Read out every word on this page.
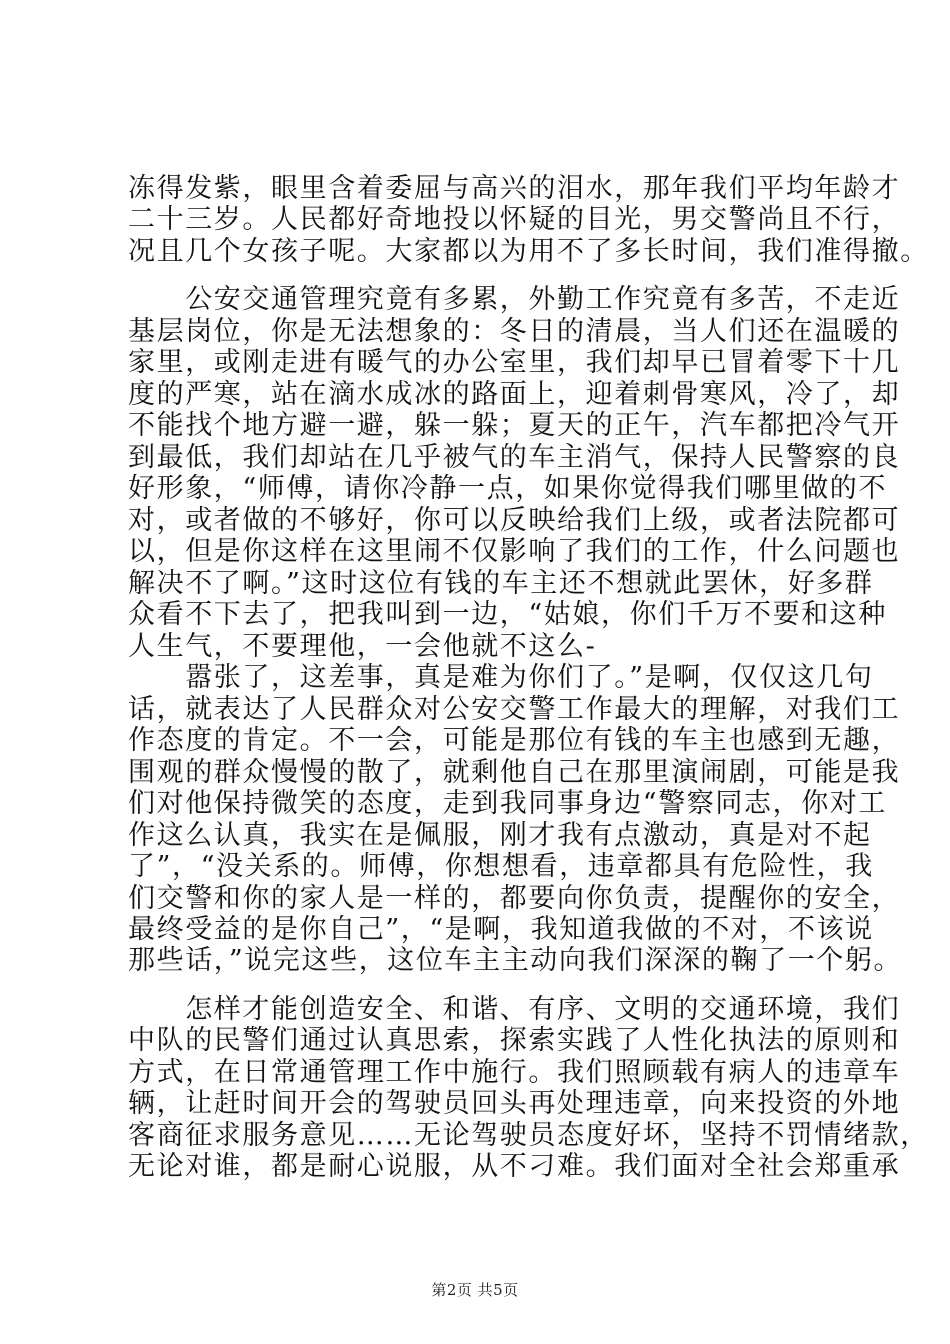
冻得发紫，眼里含着委屈与高兴的泪水，那年我们平均年龄才
二十三岁。人民都好奇地投以怀疑的目光，男交警尚且不行，
况且几个女孩子呢。大家都以为用不了多长时间，我们准得撤。
　　公安交通管理究竟有多累，外勤工作究竟有多苦，不走近
基层岗位，你是无法想象的：冬日的清晨，当人们还在温暖的
家里，或刚走进有暖气的办公室里，我们却早已冒着零下十几
度的严寒，站在滴水成冰的路面上，迎着刺骨寒风，冷了，却
不能找个地方避一避，躲一躲；夏天的正午，汽车都把冷气开
到最低，我们却站在几乎被气的车主消气，保持人民警察的良
好形象，“师傅，请你冷静一点，如果你觉得我们哪里做的不
对，或者做的不够好，你可以反映给我们上级，或者法院都可
以，但是你这样在这里闹不仅影响了我们的工作，什么问题也
解决不了啊。”这时这位有钱的车主还不想就此罢休，好多群
众看不下去了，把我叫到一边，“姑娘，你们千万不要和这种
人生气，不要理他，一会他就不这么-
　　嚣张了，这差事，真是难为你们了。”是啊，仅仅这几句
话，就表达了人民群众对公安交警工作最大的理解，对我们工
作态度的肯定。不一会，可能是那位有钱的车主也感到无趣，
围观的群众慢慢的散了，就剩他自己在那里演闹剧，可能是我
们对他保持微笑的态度，走到我同事身边“警察同志，你对工
作这么认真，我实在是佩服，刚才我有点激动，真是对不起
了”，“没关系的。师傅，你想想看，违章都具有危险性，我
们交警和你的家人是一样的，都要向你负责，提醒你的安全，
最终受益的是你自己”，“是啊，我知道我做的不对，不该说
那些话，”说完这些，这位车主主动向我们深深的鞠了一个躬。
　　怎样才能创造安全、和谐、有序、文明的交通环境，我们
中队的民警们通过认真思索，探索实践了人性化执法的原则和
方式，在日常通管理工作中施行。我们照顾载有病人的违章车
辆，让赶时间开会的驾驶员回头再处理违章，向来投资的外地
客商征求服务意见……无论驾驶员态度好坏，坚持不罚情绪款，
无论对谁，都是耐心说服，从不刁难。我们面对全社会郑重承
第2页 共5页
